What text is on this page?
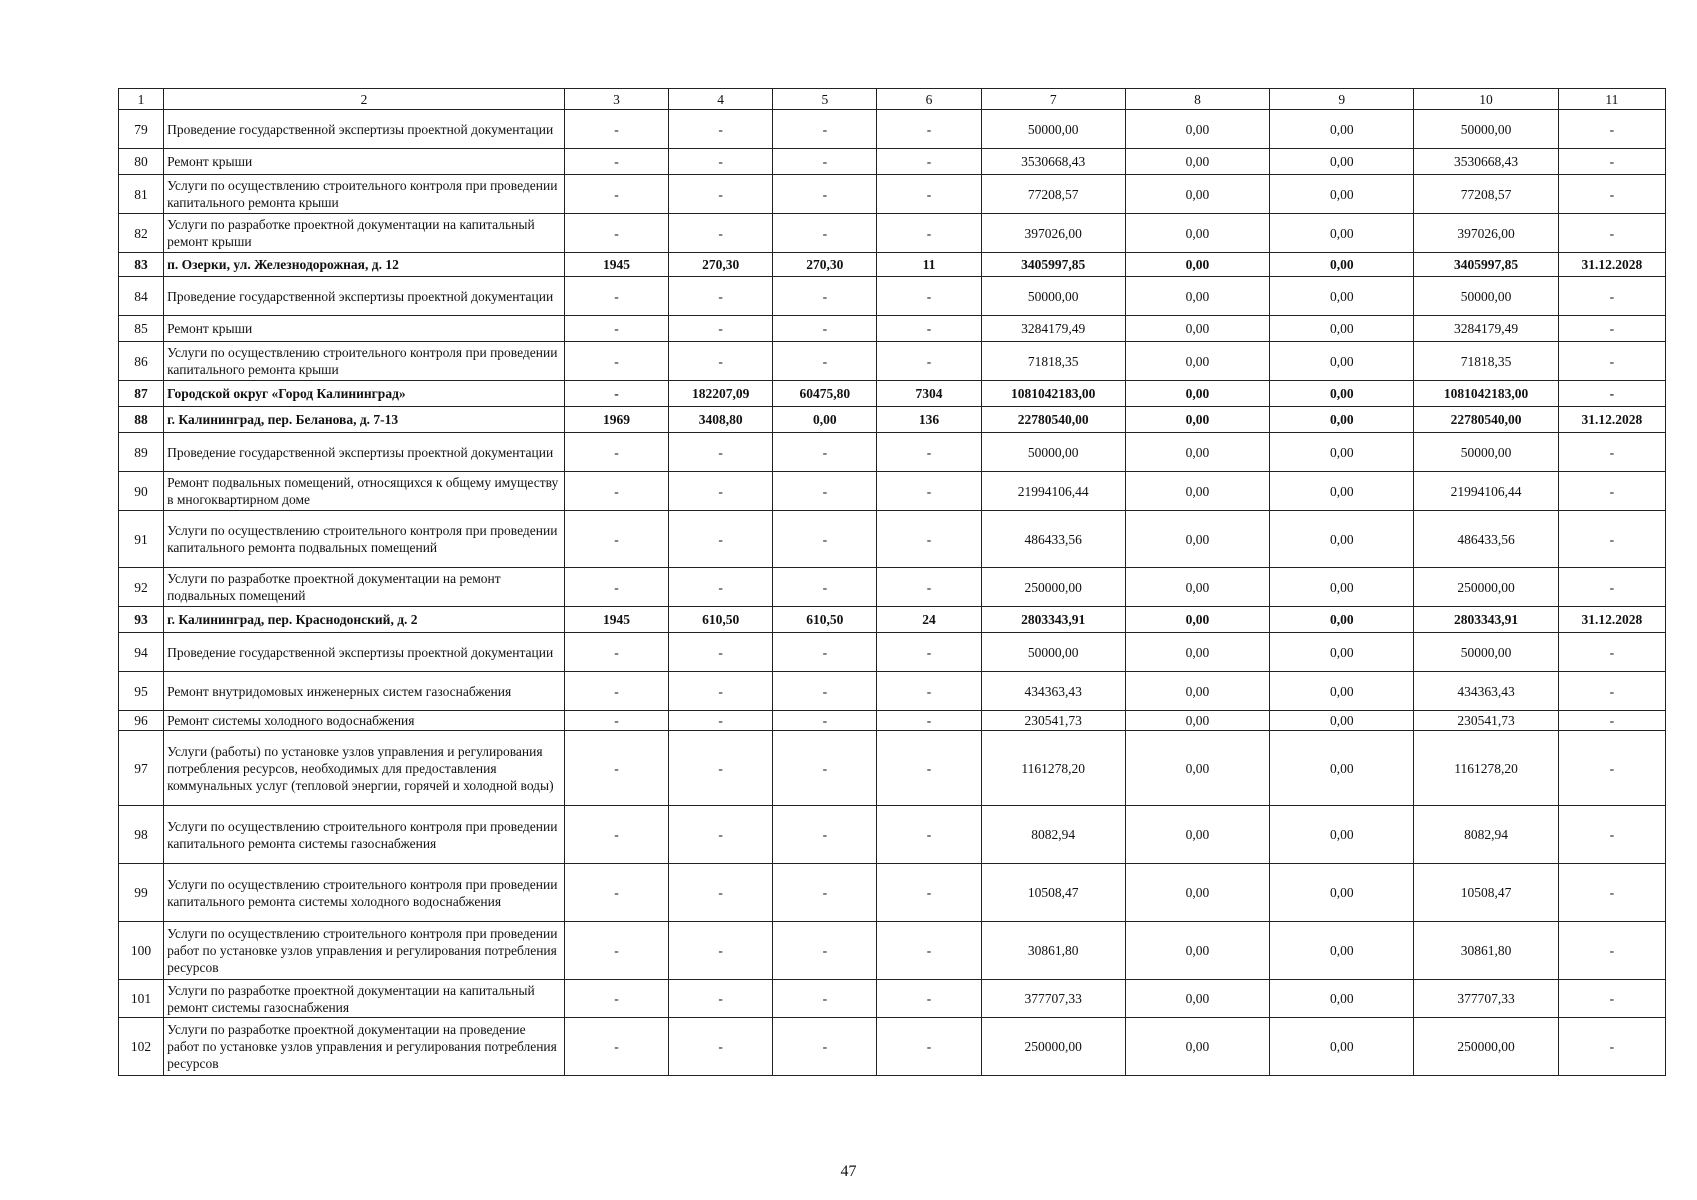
1	2	3	4	5	6	7	8	9	10	11
79	Проведение государственной экспертизы проектной документации	-	-	-	-	50000,00	0,00	0,00	50000,00	-
80	Ремонт крыши	-	-	-	-	3530668,43	0,00	0,00	3530668,43	-
81	Услуги по осуществлению строительного контроля при проведении капитального ремонта крыши	-	-	-	-	77208,57	0,00	0,00	77208,57	-
82	Услуги по разработке проектной документации на капитальный ремонт крыши	-	-	-	-	397026,00	0,00	0,00	397026,00	-
83	п. Озерки, ул. Железнодорожная, д. 12	1945	270,30	270,30	11	3405997,85	0,00	0,00	3405997,85	31.12.2028
84	Проведение государственной экспертизы проектной документации	-	-	-	-	50000,00	0,00	0,00	50000,00	-
85	Ремонт крыши	-	-	-	-	3284179,49	0,00	0,00	3284179,49	-
86	Услуги по осуществлению строительного контроля при проведении капитального ремонта крыши	-	-	-	-	71818,35	0,00	0,00	71818,35	-
87	Городской округ «Город Калининград»	-	182207,09	60475,80	7304	1081042183,00	0,00	0,00	1081042183,00	-
88	г. Калининград, пер. Беланова, д. 7-13	1969	3408,80	0,00	136	22780540,00	0,00	0,00	22780540,00	31.12.2028
89	Проведение государственной экспертизы проектной документации	-	-	-	-	50000,00	0,00	0,00	50000,00	-
90	Ремонт подвальных помещений, относящихся к общему имуществу в многоквартирном доме	-	-	-	-	21994106,44	0,00	0,00	21994106,44	-
91	Услуги по осуществлению строительного контроля при проведении капитального ремонта подвальных помещений	-	-	-	-	486433,56	0,00	0,00	486433,56	-
92	Услуги по разработке проектной документации на ремонт подвальных помещений	-	-	-	-	250000,00	0,00	0,00	250000,00	-
93	г. Калининград, пер. Краснодонский, д. 2	1945	610,50	610,50	24	2803343,91	0,00	0,00	2803343,91	31.12.2028
94	Проведение государственной экспертизы проектной документации	-	-	-	-	50000,00	0,00	0,00	50000,00	-
95	Ремонт внутридомовых инженерных систем газоснабжения	-	-	-	-	434363,43	0,00	0,00	434363,43	-
96	Ремонт системы холодного водоснабжения	-	-	-	-	230541,73	0,00	0,00	230541,73	-
97	Услуги (работы) по установке узлов управления и регулирования потребления ресурсов, необходимых для предоставления коммунальных услуг (тепловой энергии, горячей и холодной воды)	-	-	-	-	1161278,20	0,00	0,00	1161278,20	-
98	Услуги по осуществлению строительного контроля при проведении капитального ремонта системы газоснабжения	-	-	-	-	8082,94	0,00	0,00	8082,94	-
99	Услуги по осуществлению строительного контроля при проведении капитального ремонта системы холодного водоснабжения	-	-	-	-	10508,47	0,00	0,00	10508,47	-
100	Услуги по осуществлению строительного контроля при проведении работ по установке узлов управления и регулирования потребления ресурсов	-	-	-	-	30861,80	0,00	0,00	30861,80	-
101	Услуги по разработке проектной документации на капитальный ремонт системы газоснабжения	-	-	-	-	377707,33	0,00	0,00	377707,33	-
102	Услуги по разработке проектной документации на проведение работ по установке узлов управления и регулирования потребления ресурсов	-	-	-	-	250000,00	0,00	0,00	250000,00	-
47
